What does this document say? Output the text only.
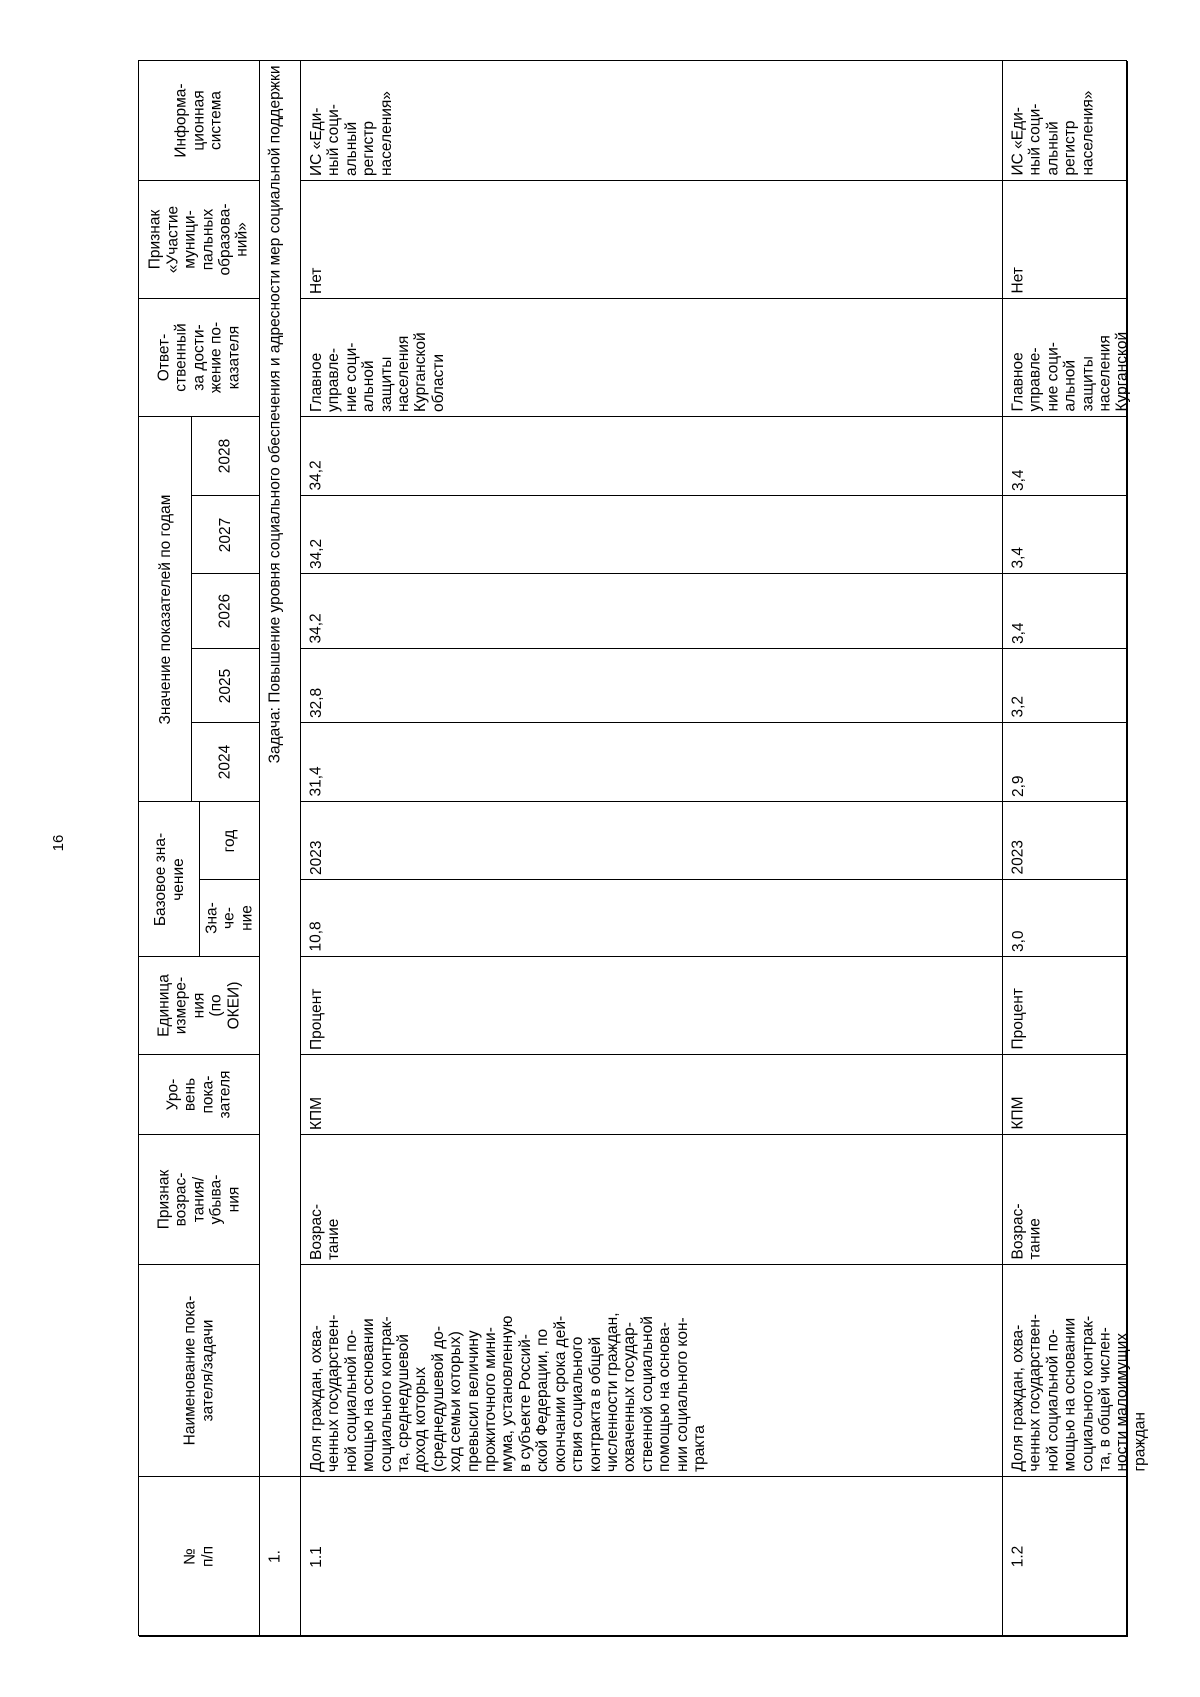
16
Информа- ционная система
Признак «Участие муници- пальных образова- ний»
Ответ- ственный за дости- жение по- казателя
Единица измере- ния (по ОКЕИ)
Уро- вень пока- зателя
Признак возрас- тания/ убыва- ния
Наименование пока- зателя/задачи
№ п/п
Значение показателей по годам
2024
2025
2026
2027
2028
Базовое зна- чение
год
Зна- че- ние
1.
Задача: Повышение уровня социального обеспечения и адресности мер социальной поддержки
1.1
Доля граждан, охва- ченных государствен- ной социальной по- мощью на основании социального контрак- та, среднедушевой доход которых (среднедушевой до- ход семьи которых) превысил величину прожиточного мини- мума, установленную в субъекте Россий- ской Федерации, по окончании срока дей- ствия социального контракта в общей численности граждан, охваченных государ- ственной социальной помощью на основа- нии социального кон- тракта
Возрас- тание
КПМ
Процент
10,8
2023
31,4
32,8
34,2
34,2
34,2
Главное управле- ние соци- альной защиты населения Курганской области
Нет
ИС «Еди- ный соци- альный регистр населения»
1.2
Доля граждан, охва- ченных государствен- ной социальной по- мощью на основании социального контрак- та, в общей числен- ности малоимущих граждан
Возрас- тание
КПМ
Процент
3,0
2023
2,9
3,2
3,4
3,4
3,4
Главное управле- ние соци- альной защиты населения Курганской
Нет
ИС «Еди- ный соци- альный регистр населения»
